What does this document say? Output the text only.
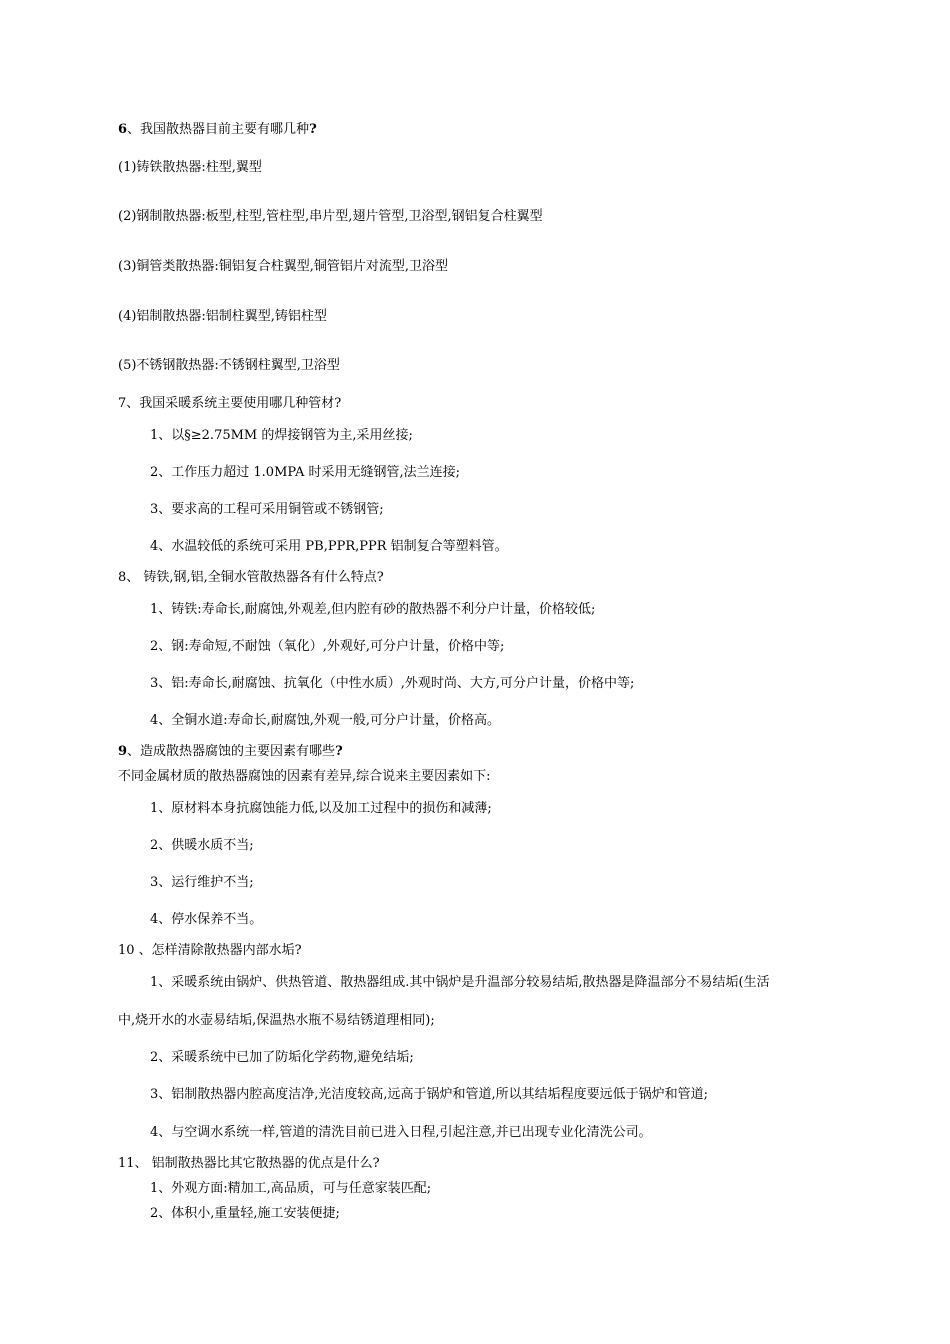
6、我国散热器目前主要有哪几种?
(1)铸铁散热器:柱型,翼型
(2)钢制散热器:板型,柱型,管柱型,串片型,翅片管型,卫浴型,钢铝复合柱翼型
(3)铜管类散热器:铜铝复合柱翼型,铜管铝片对流型,卫浴型
(4)铝制散热器:铝制柱翼型,铸铝柱型
(5)不锈钢散热器:不锈钢柱翼型,卫浴型
7、我国采暖系统主要使用哪几种管材?
1、以§≥2.75MM 的焊接钢管为主,采用丝接;
2、工作压力超过 1.0MPA 时采用无缝钢管,法兰连接;
3、要求高的工程可采用铜管或不锈钢管;
4、水温较低的系统可采用 PB,PPR,PPR 铝制复合等塑料管。
8、 铸铁,钢,铝,全铜水管散热器各有什么特点?
1、铸铁:寿命长,耐腐蚀,外观差,但内腔有砂的散热器不利分户计量，价格较低;
2、钢:寿命短,不耐蚀（氧化）,外观好,可分户计量，价格中等;
3、铝:寿命长,耐腐蚀、抗氧化（中性水质）,外观时尚、大方,可分户计量，价格中等;
4、全铜水道:寿命长,耐腐蚀,外观一般,可分户计量，价格高。
9、造成散热器腐蚀的主要因素有哪些?
不同金属材质的散热器腐蚀的因素有差异,综合说来主要因素如下:
1、原材料本身抗腐蚀能力低,以及加工过程中的损伤和减薄;
2、供暖水质不当;
3、运行维护不当;
4、停水保养不当。
10 、怎样清除散热器内部水垢?
1、采暖系统由锅炉、供热管道、散热器组成.其中锅炉是升温部分较易结垢,散热器是降温部分不易结垢(生活
中,烧开水的水壶易结垢,保温热水瓶不易结锈道理相同);
2、采暖系统中已加了防垢化学药物,避免结垢;
3、铝制散热器内腔高度洁净,光洁度较高,远高于锅炉和管道,所以其结垢程度要远低于锅炉和管道;
4、与空调水系统一样,管道的清洗目前已进入日程,引起注意,并已出现专业化清洗公司。
11、 铝制散热器比其它散热器的优点是什么?
1、外观方面:精加工,高品质，可与任意家装匹配;
2、体积小,重量轻,施工安装便捷;
